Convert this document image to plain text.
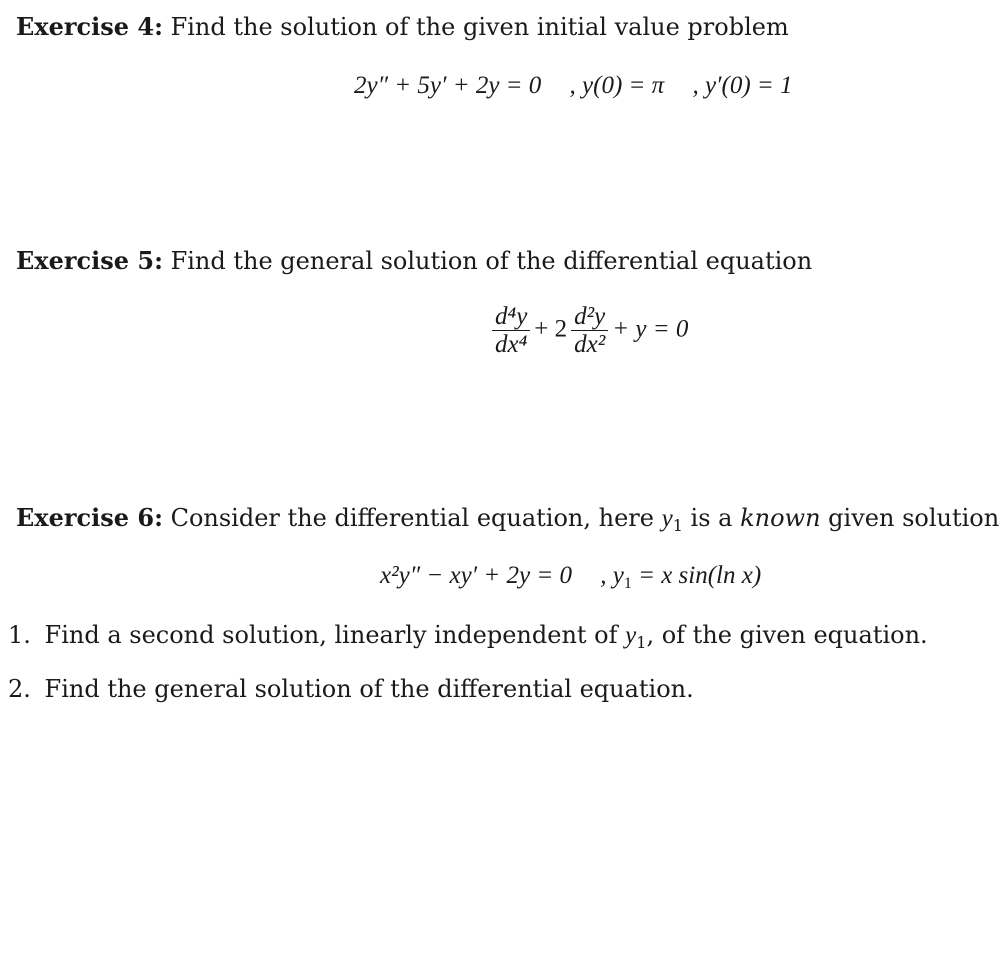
Exercise 4: Find the solution of the given initial value problem
2y″ + 5y′ + 2y = 0 , y(0) = π , y′(0) = 1
Exercise 5: Find the general solution of the differential equation
$\frac{\text{d⁴y}}{\text{dx⁴}} + 2 \frac{\text{d²y}}{\text{dx²}} + y = 0$
Exercise 6: Consider the differential equation, here $y_1$ is a known given solution
x²y″ − xy′ + 2y = 0 , $y_1 = x$ sin(ln x)
1. Find a second solution, linearly independent of $y_1$, of the given equation.
2. Find the general solution of the differential equation.
